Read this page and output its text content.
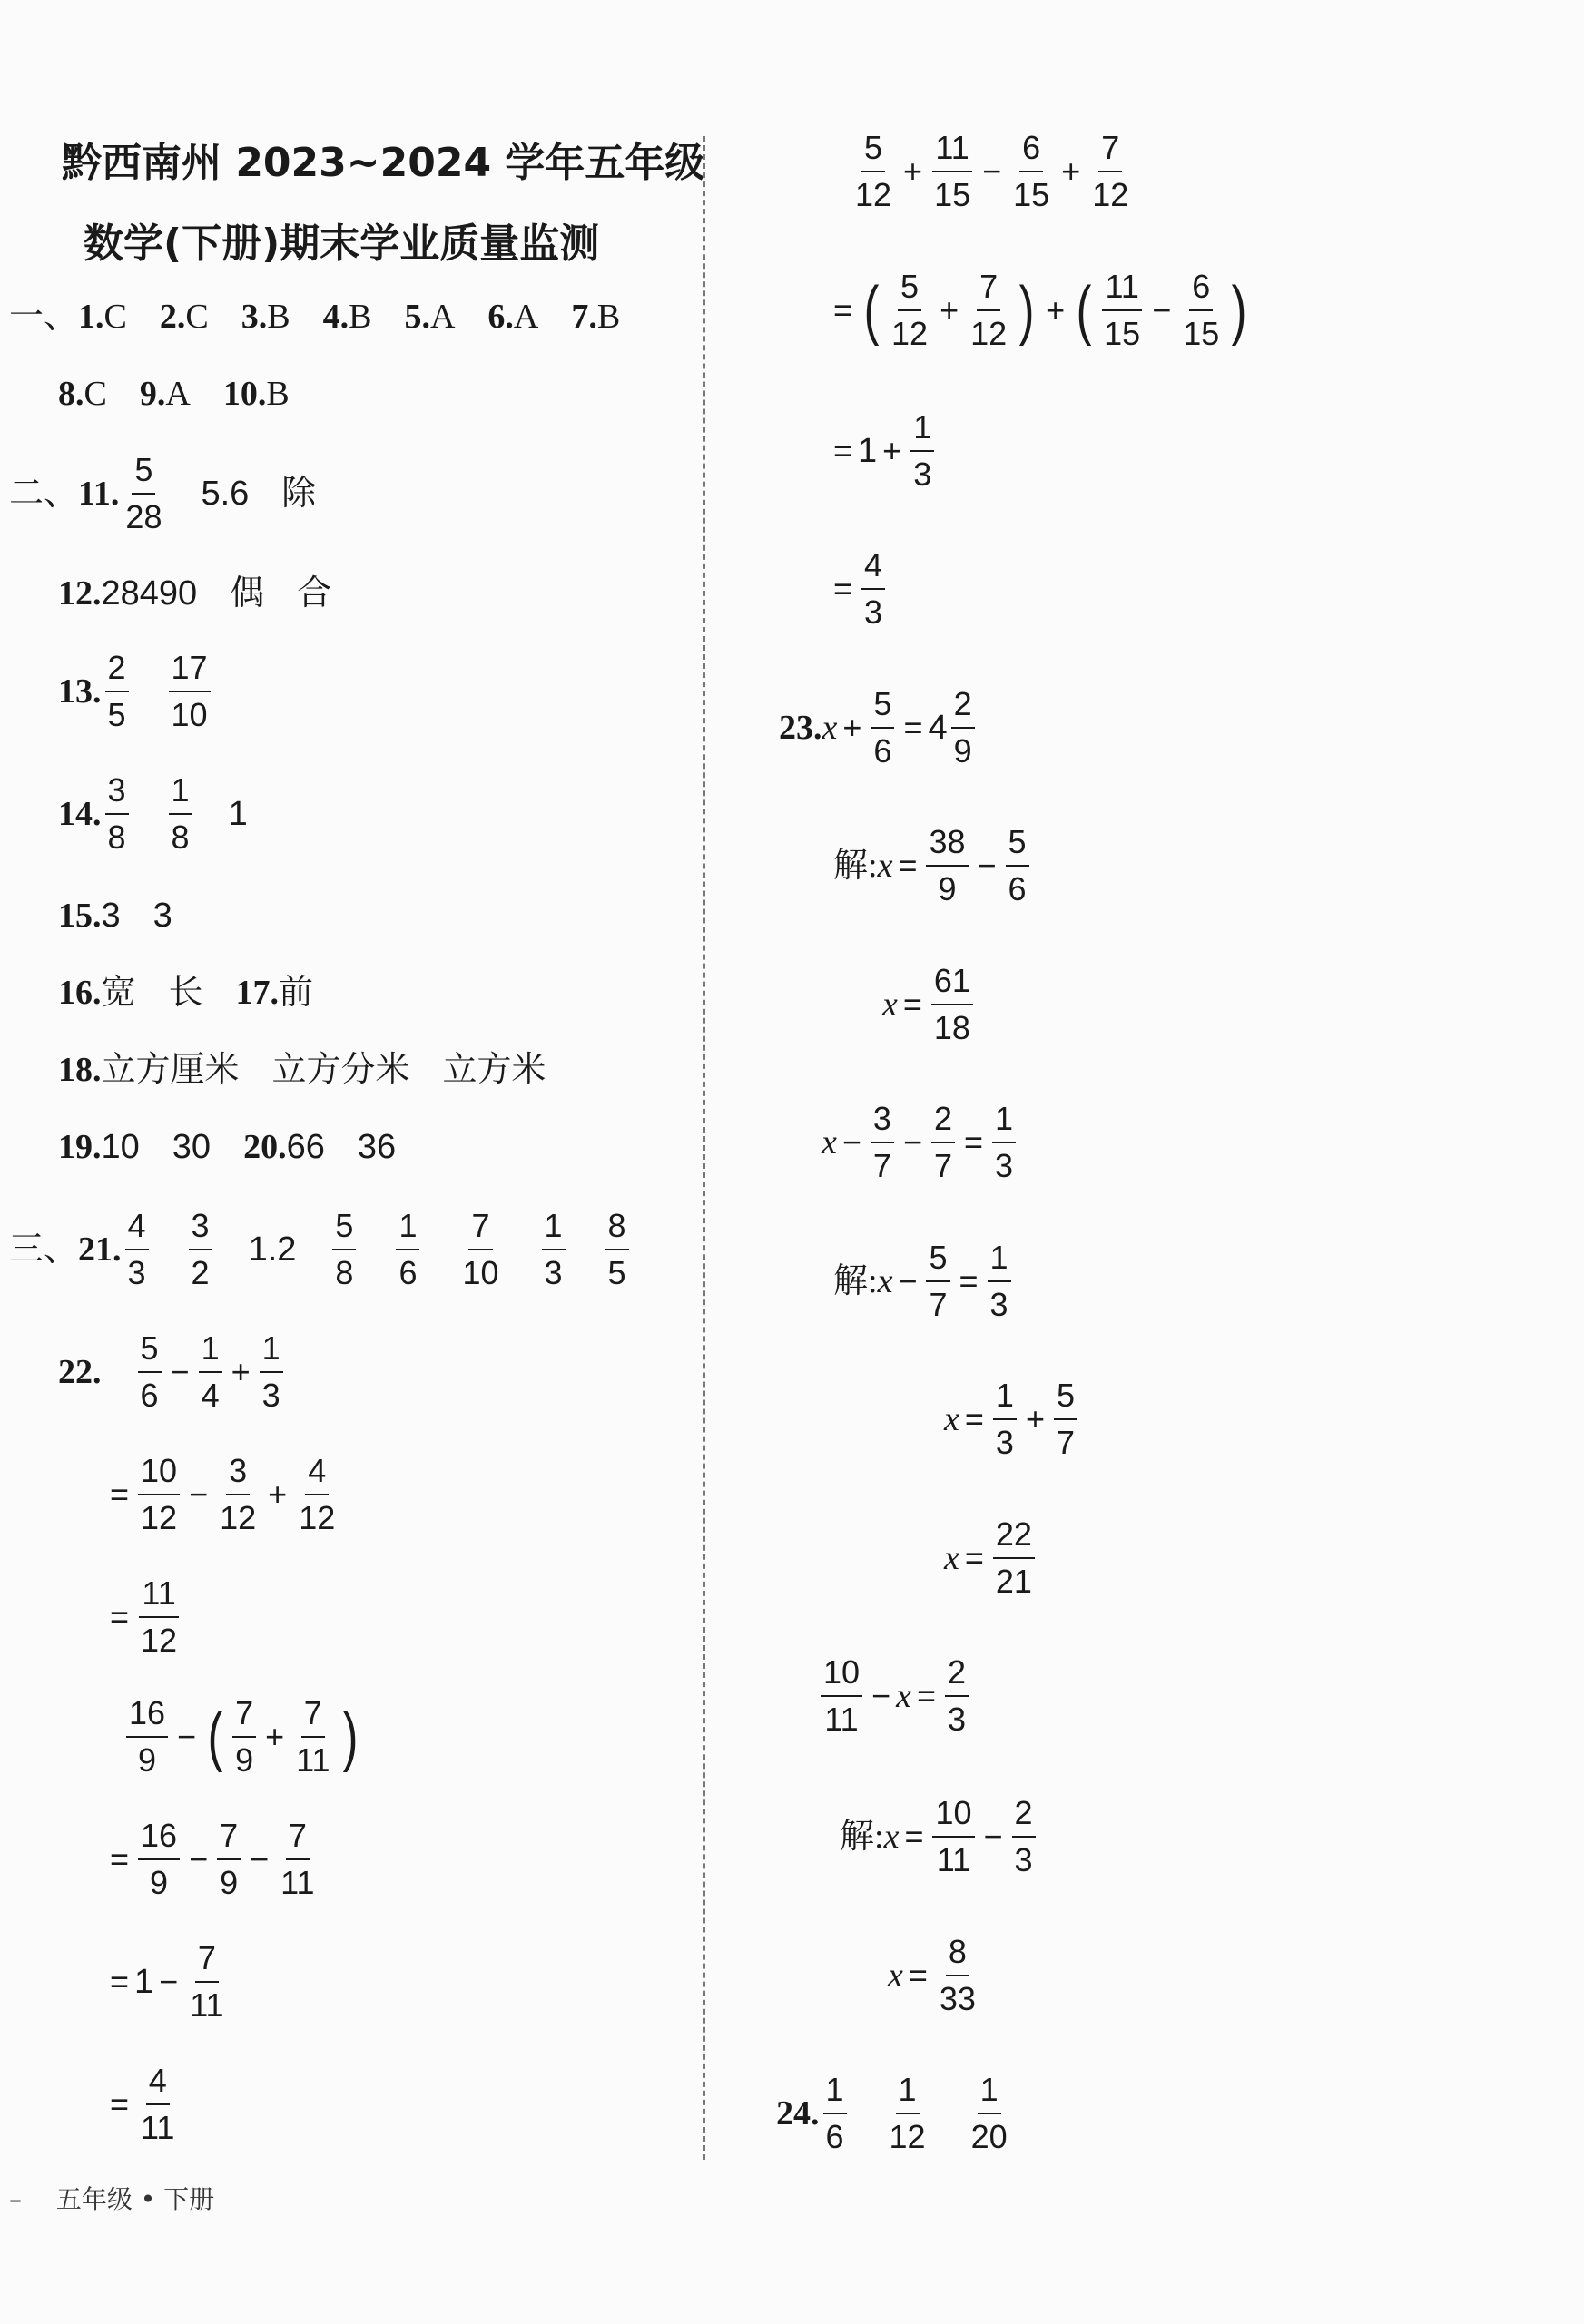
黔西南州 2023~2024 学年五年级
数学(下册)期末学业质量监测
一、 1. C 2. C 3. B 4. B 5. A 6. A 7. B
8. C 9. A 10. B
二、 11. $\frac{5}{28} 5.6$ 除
12. 28490 偶 合
13. $\frac{2}{5} \frac{17}{10}$
14. $\frac{3}{8} \frac{1}{8} 1$
15. 3 3
16. 宽 长 17. 前
18. 立方厘米 立方分米 立方米
19. 10 30 20. 66 36
三、 21. $\frac{4}{3} \frac{3}{2} 1.2 \frac{5}{8} \frac{1}{6} \frac{7}{10} \frac{1}{3} \frac{8}{5}$
22. $\frac{5}{6} - \frac{1}{4} + \frac{1}{3}$
= $\frac{10}{12} - \frac{3}{12} + \frac{4}{12}$
= $\frac{11}{12}$
$\frac{16}{9}$ − ( $\frac{7}{9} + \frac{7}{11}$ )
= $\frac{16}{9} - \frac{7}{9} - \frac{7}{11}$
= $1 - \frac{7}{11}$
= $\frac{4}{11}$
$\frac{5}{12} + \frac{11}{15} - \frac{6}{15} + \frac{7}{12}$
= ( $\frac{5}{12} + \frac{7}{12}$ ) + ( $\frac{11}{15} - \frac{6}{15}$ )
= $1 + \frac{1}{3}$
= $\frac{4}{3}$
23. $x + \frac{5}{6} = 4 \frac{2}{9}$
解: $x = \frac{38}{9} - \frac{5}{6}$
$x = \frac{61}{18}$
$x - \frac{3}{7} - \frac{2}{7} = \frac{1}{3}$
解: $x - \frac{5}{7} = \frac{1}{3}$
$x = \frac{1}{3} + \frac{5}{7}$
$x = \frac{22}{21}$
$\frac{10}{11} - x = \frac{2}{3}$
解: $x = \frac{10}{11} - \frac{2}{3}$
$x = \frac{8}{33}$
24. $\frac{1}{6} \frac{1}{12} \frac{1}{20}$
– 五年级 • 下册
